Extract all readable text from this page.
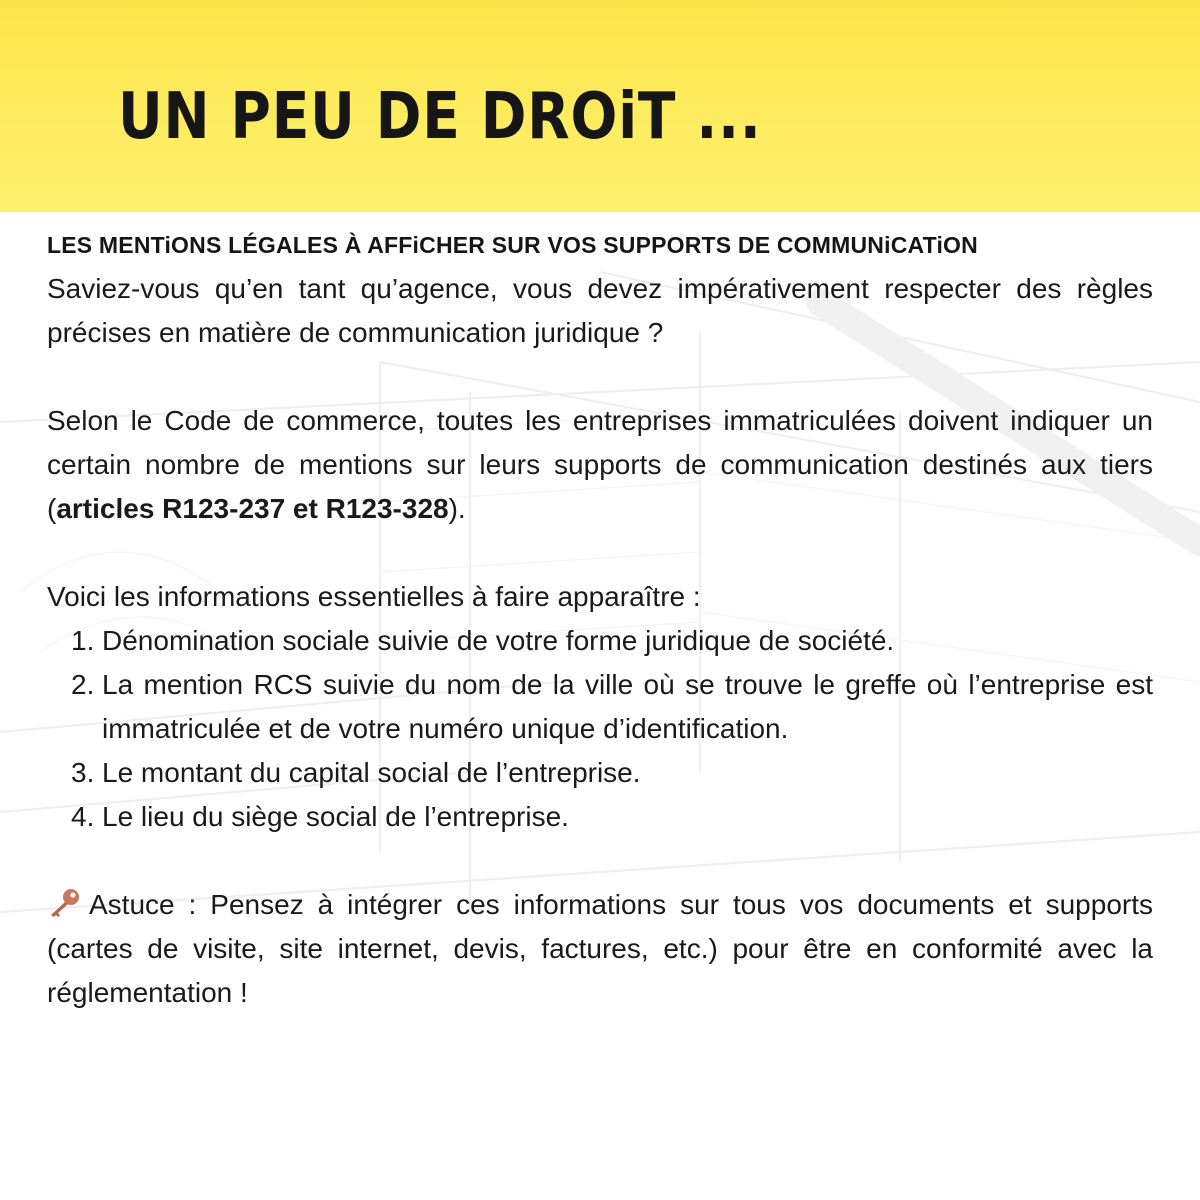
UN PEU DE DROiT ...
LES MENTiONS LÉGALES À AFFiCHER SUR VOS SUPPORTS DE COMMUNiCATiON

Saviez-vous qu’en tant qu’agence, vous devez impérativement respecter des règles précises en matière de communication juridique ?

Selon le Code de commerce, toutes les entreprises immatriculées doivent indiquer un certain nombre de mentions sur leurs supports de communication destinés aux tiers (articles R123-237 et R123-328).

Voici les informations essentielles à faire apparaître :

1. Dénomination sociale suivie de votre forme juridique de société.
2. La mention RCS suivie du nom de la ville où se trouve le greffe où l’entreprise est immatriculée et de votre numéro unique d’identification.
3. Le montant du capital social de l’entreprise.
4. Le lieu du siège social de l’entreprise.

Astuce : Pensez à intégrer ces informations sur tous vos documents et supports (cartes de visite, site internet, devis, factures, etc.) pour être en conformité avec la réglementation !
